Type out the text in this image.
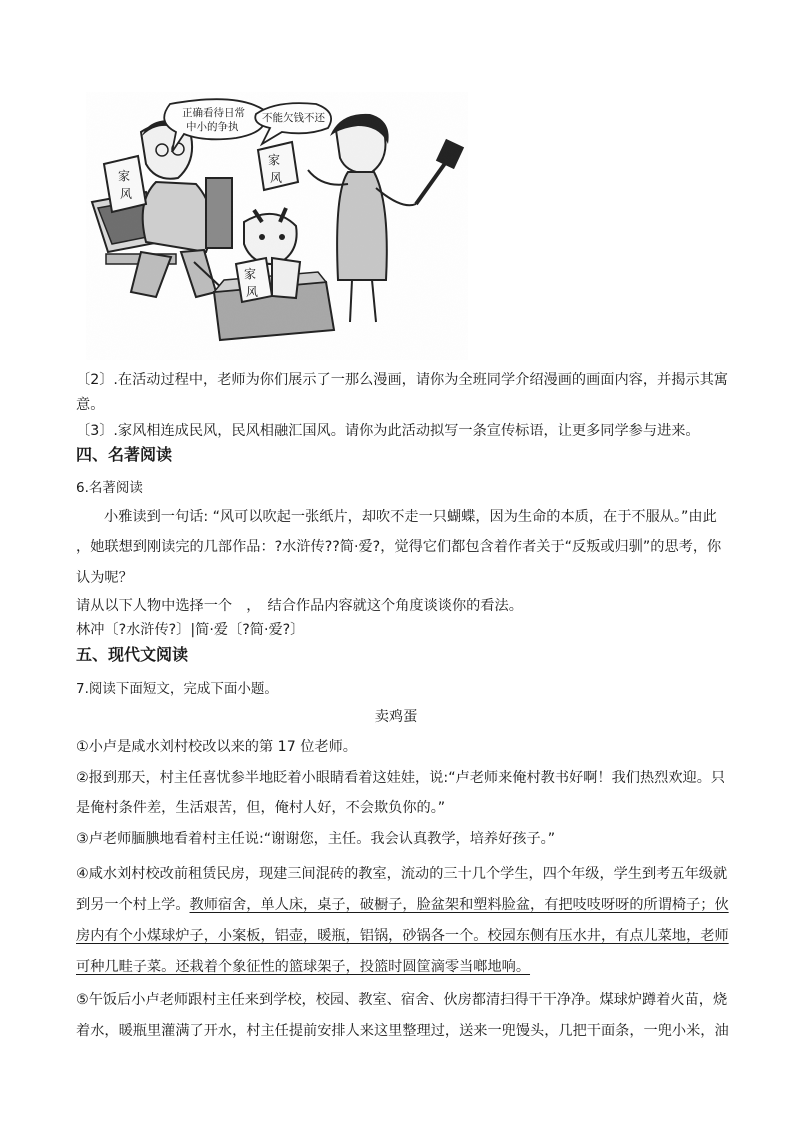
家
风
正确看待日常
中小的争执
不能欠钱不还
家
风
家
风
〔2〕.在活动过程中，老师为你们展示了一那么漫画，请你为全班同学介绍漫画的画面内容，并揭示其寓
意。
〔3〕.家风相连成民风，民风相融汇国风。请你为此活动拟写一条宣传标语，让更多同学参与进来。
四、名著阅读
6.名著阅读
小雅读到一句话: “风可以吹起一张纸片，却吹不走一只蝴蝶，因为生命的本质，在于不服从。”由此
，她联想到刚读完的几部作品：?水浒传??简·爱?，觉得它们都包含着作者关于“反叛或归驯”的思考，你
认为呢？
请从以下人物中选择一个　，　结合作品内容就这个角度谈谈你的看法。
林冲〔?水浒传?〕|简·爱〔?简·爱?〕
五、现代文阅读
7.阅读下面短文，完成下面小题。
卖鸡蛋
①小卢是咸水刘村校改以来的第 17 位老师。
②报到那天，村主任喜忧参半地眨着小眼睛看着这娃娃，说:“卢老师来俺村教书好啊！我们热烈欢迎。只
是俺村条件差，生活艰苦，但，俺村人好，不会欺负你的。”
③卢老师腼腆地看着村主任说:“谢谢您，主任。我会认真教学，培养好孩子。”
④咸水刘村校改前租赁民房，现建三间混砖的教室，流动的三十几个学生，四个年级，学生到考五年级就
到另一个村上学。教师宿舍，单人床，桌子，破橱子，脸盆架和塑料脸盆，有把吱吱呀呀的所谓椅子；伙
房内有个小煤球炉子，小案板，铝壶，暖瓶，铝锅，砂锅各一个。校园东侧有压水井，有点儿菜地，老师
可种几畦子菜。还栽着个象征性的篮球架子，投篮时圆筐滴零当啷地响。
⑤午饭后小卢老师跟村主任来到学校，校园、教室、宿舍、伙房都清扫得干干净净。煤球炉蹲着火苗，烧
着水，暖瓶里灌满了开水，村主任提前安排人来这里整理过，送来一兜馒头，几把干面条，一兜小米，油
